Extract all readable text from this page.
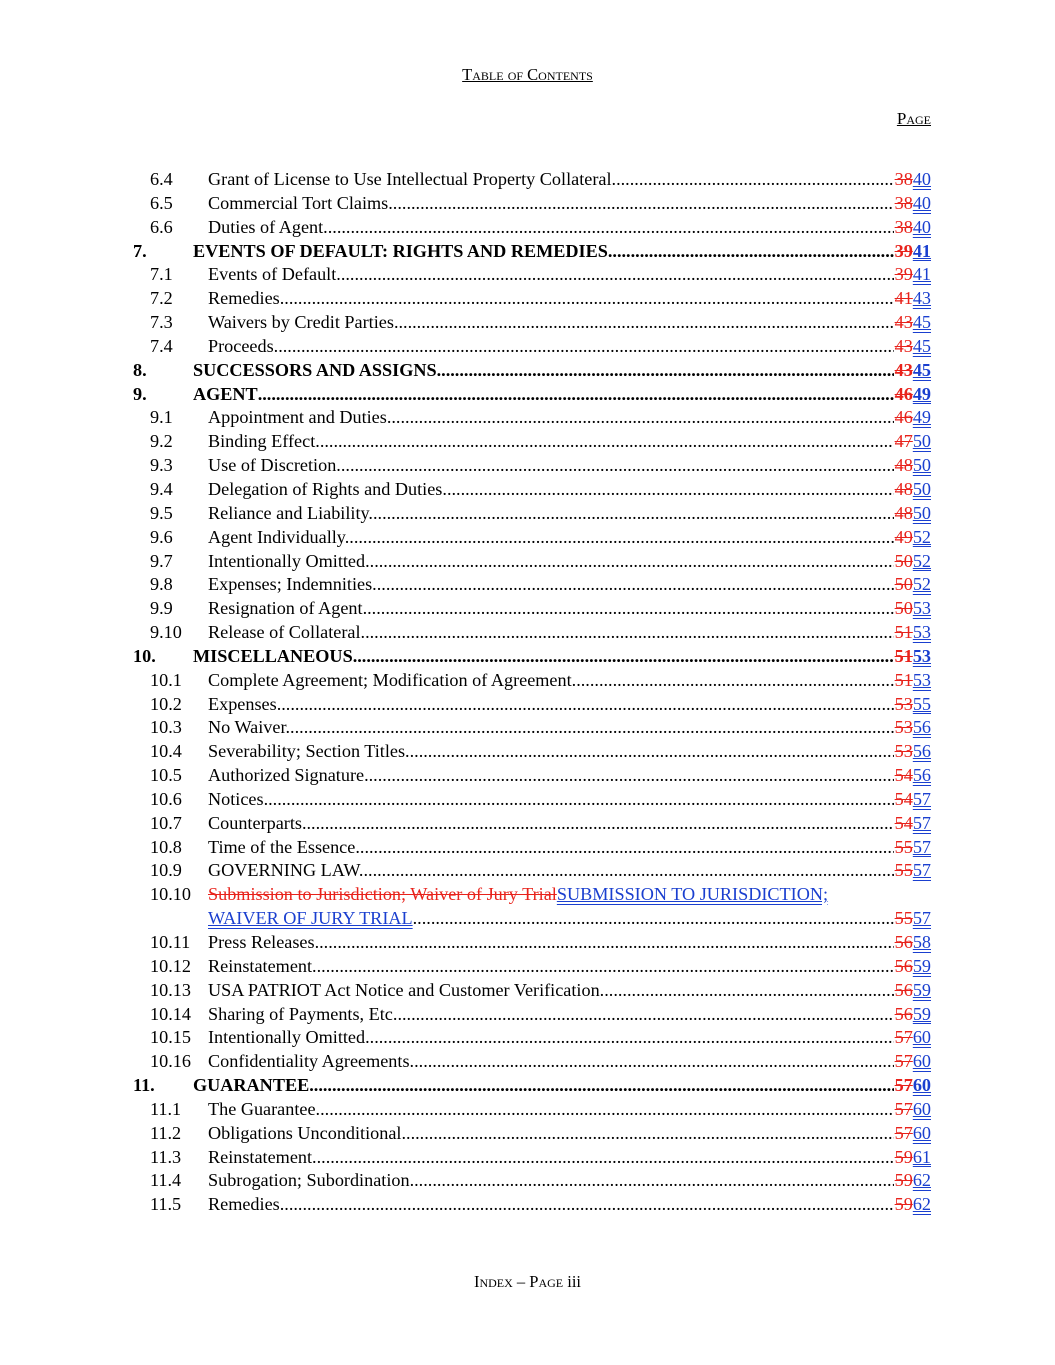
Table of Contents
Page
6.4 Grant of License to Use Intellectual Property Collateral. .....	3840
6.5 Commercial Tort Claims. .....	3840
6.6 Duties of Agent. .....	3840
7.	EVENTS OF DEFAULT: RIGHTS AND REMEDIES .....	3941
7.1 Events of Default. .....	3941
7.2 Remedies. .....	4143
7.3 Waivers by Credit Parties .....	4345
7.4 Proceeds. .....	4345
8.	SUCCESSORS AND ASSIGNS. .....	4345
9.	AGENT .....	4649
9.1 Appointment and Duties. .....	4649
9.2 Binding Effect. .....	4750
9.3 Use of Discretion. .....	4850
9.4 Delegation of Rights and Duties .....	4850
9.5 Reliance and Liability. .....	4850
9.6 Agent Individually. .....	4952
9.7 Intentionally Omitted. .....	5052
9.8 Expenses; Indemnities. .....	5052
9.9 Resignation of Agent. .....	5053
9.10 Release of Collateral. .....	5153
10. MISCELLANEOUS .....	5153
10.1 Complete Agreement; Modification of Agreement. .....	5153
10.2 Expenses. .....	5355
10.3 No Waiver. .....	5356
10.4 Severability; Section Titles .....	5356
10.5 Authorized Signature. .....	5456
10.6 Notices .....	5457
10.7 Counterparts. .....	5457
10.8 Time of the Essence. .....	5557
10.9 GOVERNING LAW. .....	5557
10.10 Submission to Jurisdiction; Waiver of Jury TrialSUBMISSION TO JURISDICTION;
WAIVER OF JURY TRIAL .....	5557
10.11 Press Releases. .....	5658
10.12 Reinstatement. .....	5659
10.13 USA PATRIOT Act Notice and Customer Verification. .....	5659
10.14 Sharing of Payments, Etc. .....	5659
10.15 Intentionally Omitted. .....	5760
10.16 Confidentiality Agreements. .....	5760
11. GUARANTEE .....	5760
11.1 The Guarantee. .....	5760
11.2 Obligations Unconditional. .....	5760
11.3 Reinstatement. .....	5961
11.4 Subrogation; Subordination. .....	5962
11.5 Remedies. .....	5962
Index – Page iii
